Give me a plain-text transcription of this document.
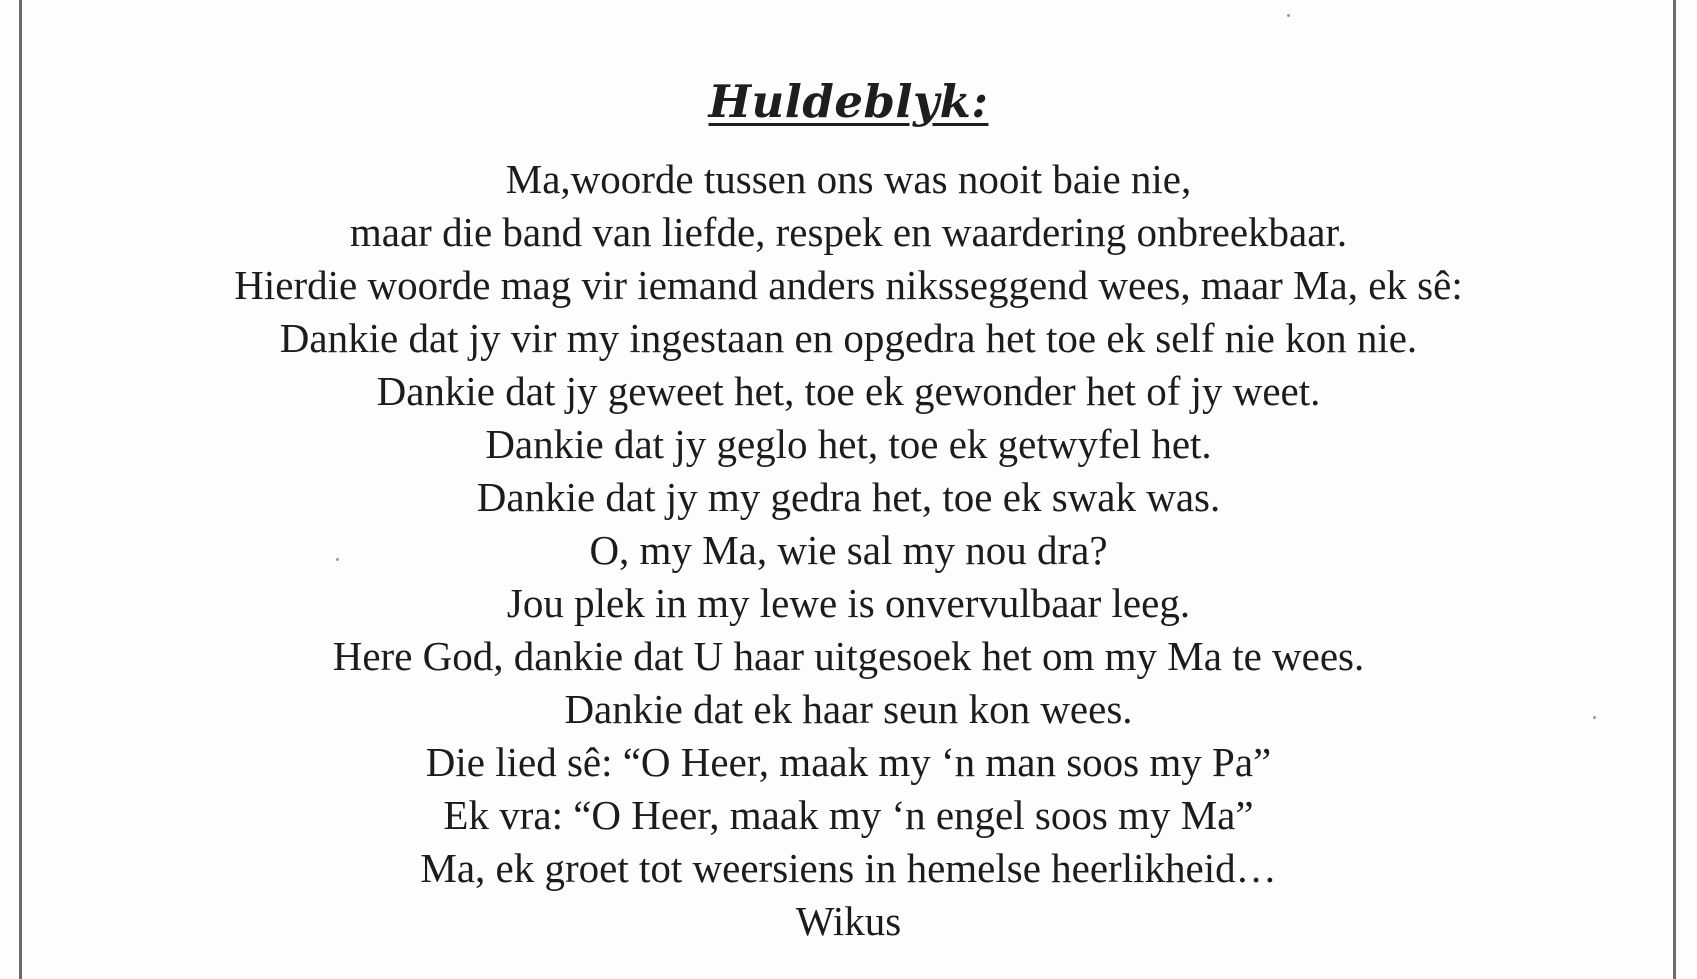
Huldeblyk:
Ma,woorde tussen ons was nooit baie nie,
maar die band van liefde, respek en waardering onbreekbaar.
Hierdie woorde mag vir iemand anders niksseggend wees, maar Ma, ek sê:
Dankie dat jy vir my ingestaan en opgedra het toe ek self nie kon nie.
Dankie dat jy geweet het, toe ek gewonder het of jy weet.
Dankie dat jy geglo het, toe ek getwyfel het.
Dankie dat jy my gedra het, toe ek swak was.
O, my Ma, wie sal my nou dra?
Jou plek in my lewe is onvervulbaar leeg.
Here God, dankie dat U haar uitgesoek het om my Ma te wees.
Dankie dat ek haar seun kon wees.
Die lied sê: “O Heer, maak my ‘n man soos my Pa”
Ek vra: “O Heer, maak my ‘n engel soos my Ma”
Ma, ek groet tot weersiens in hemelse heerlikheid…
Wikus
